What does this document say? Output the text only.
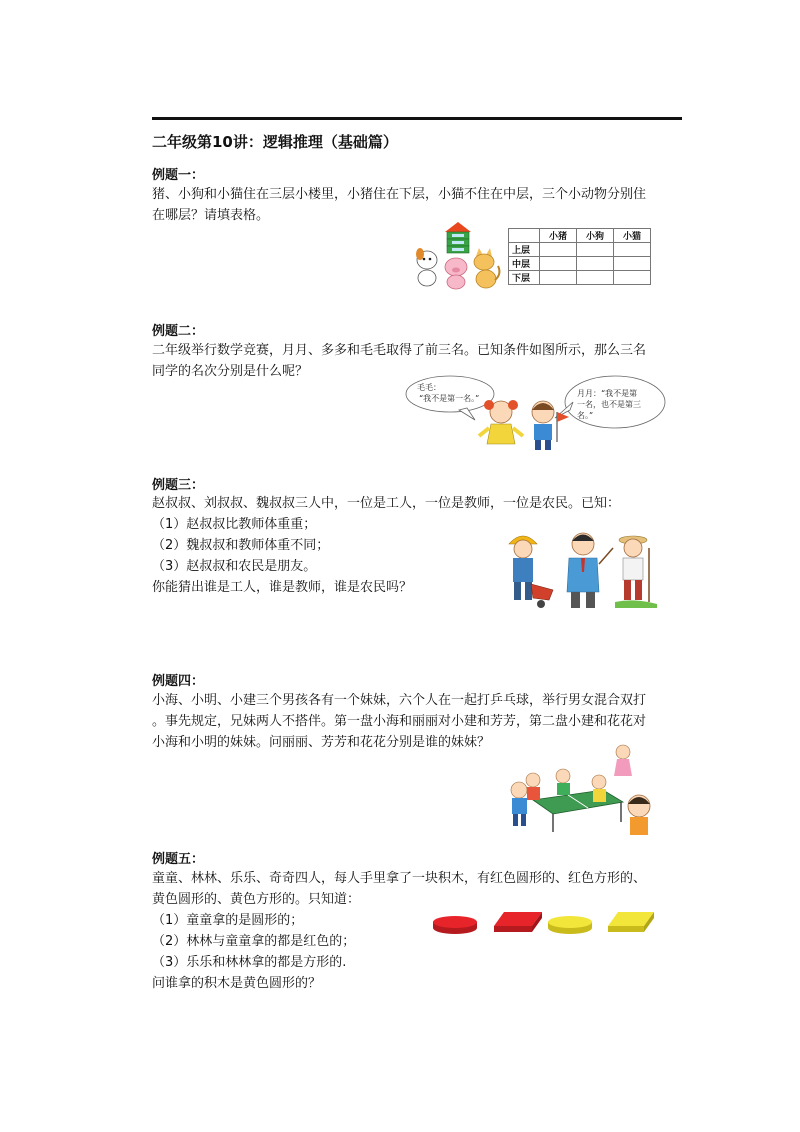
二年级第10讲：逻辑推理（基础篇）
例题一：
猪、小狗和小猫住在三层小楼里，小猪住在下层，小猫不住在中层，三个小动物分别住
在哪层？请填表格。
	小猪	小狗	小猫
上层			
中层			
下层			
例题二：
二年级举行数学竞赛，月月、多多和毛毛取得了前三名。已知条件如图所示，那么三名
同学的名次分别是什么呢？
毛毛：
“我不是第一名。”
月月：“我不是第
一名，也不是第三
名。”
例题三：
赵叔叔、刘叔叔、魏叔叔三人中，一位是工人，一位是教师，一位是农民。已知：
（1）赵叔叔比教师体重重；
（2）魏叔叔和教师体重不同；
（3）赵叔叔和农民是朋友。
你能猜出谁是工人，谁是教师，谁是农民吗？
例题四：
小海、小明、小建三个男孩各有一个妹妹，六个人在一起打乒乓球，举行男女混合双打
。事先规定，兄妹两人不搭伴。第一盘小海和丽丽对小建和芳芳，第二盘小建和花花对
小海和小明的妹妹。问丽丽、芳芳和花花分别是谁的妹妹？
例题五：
童童、林林、乐乐、奇奇四人，每人手里拿了一块积木，有红色圆形的、红色方形的、
黄色圆形的、黄色方形的。只知道：
（1）童童拿的是圆形的；
（2）林林与童童拿的都是红色的；
（3）乐乐和林林拿的都是方形的.
问谁拿的积木是黄色圆形的？
